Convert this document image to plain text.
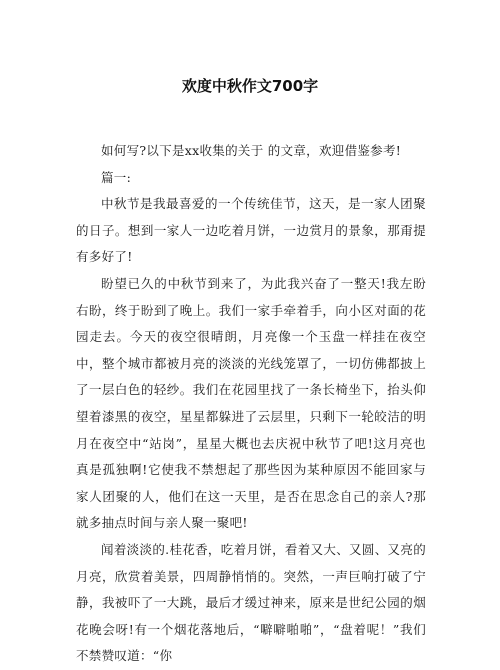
欢度中秋作文700字

如何写?以下是xx收集的关于 的文章，欢迎借鉴参考!

篇一:

中秋节是我最喜爱的一个传统佳节，这天，是一家人团聚的日子。想到一家人一边吃着月饼，一边赏月的景象，那甭提有多好了!

盼望已久的中秋节到来了，为此我兴奋了一整天!我左盼右盼，终于盼到了晚上。我们一家手牵着手，向小区对面的花园走去。今天的夜空很晴朗，月亮像一个玉盘一样挂在夜空中，整个城市都被月亮的淡淡的光线笼罩了，一切仿佛都披上了一层白色的轻纱。我们在花园里找了一条长椅坐下，抬头仰望着漆黑的夜空，星星都躲进了云层里，只剩下一轮皎洁的明月在夜空中“站岗”，星星大概也去庆祝中秋节了吧!这月亮也真是孤独啊!它使我不禁想起了那些因为某种原因不能回家与家人团聚的人，他们在这一天里，是否在思念自己的亲人?那就多抽点时间与亲人聚一聚吧!

闻着淡淡的.桂花香，吃着月饼，看着又大、又圆、又亮的月亮，欣赏着美景，四周静悄悄的。突然，一声巨响打破了宁静，我被吓了一大跳，最后才缓过神来，原来是世纪公园的烟花晚会呀!有一个烟花落地后，“噼噼啪啪”，“盘着呢！”我们不禁赞叹道：“你
